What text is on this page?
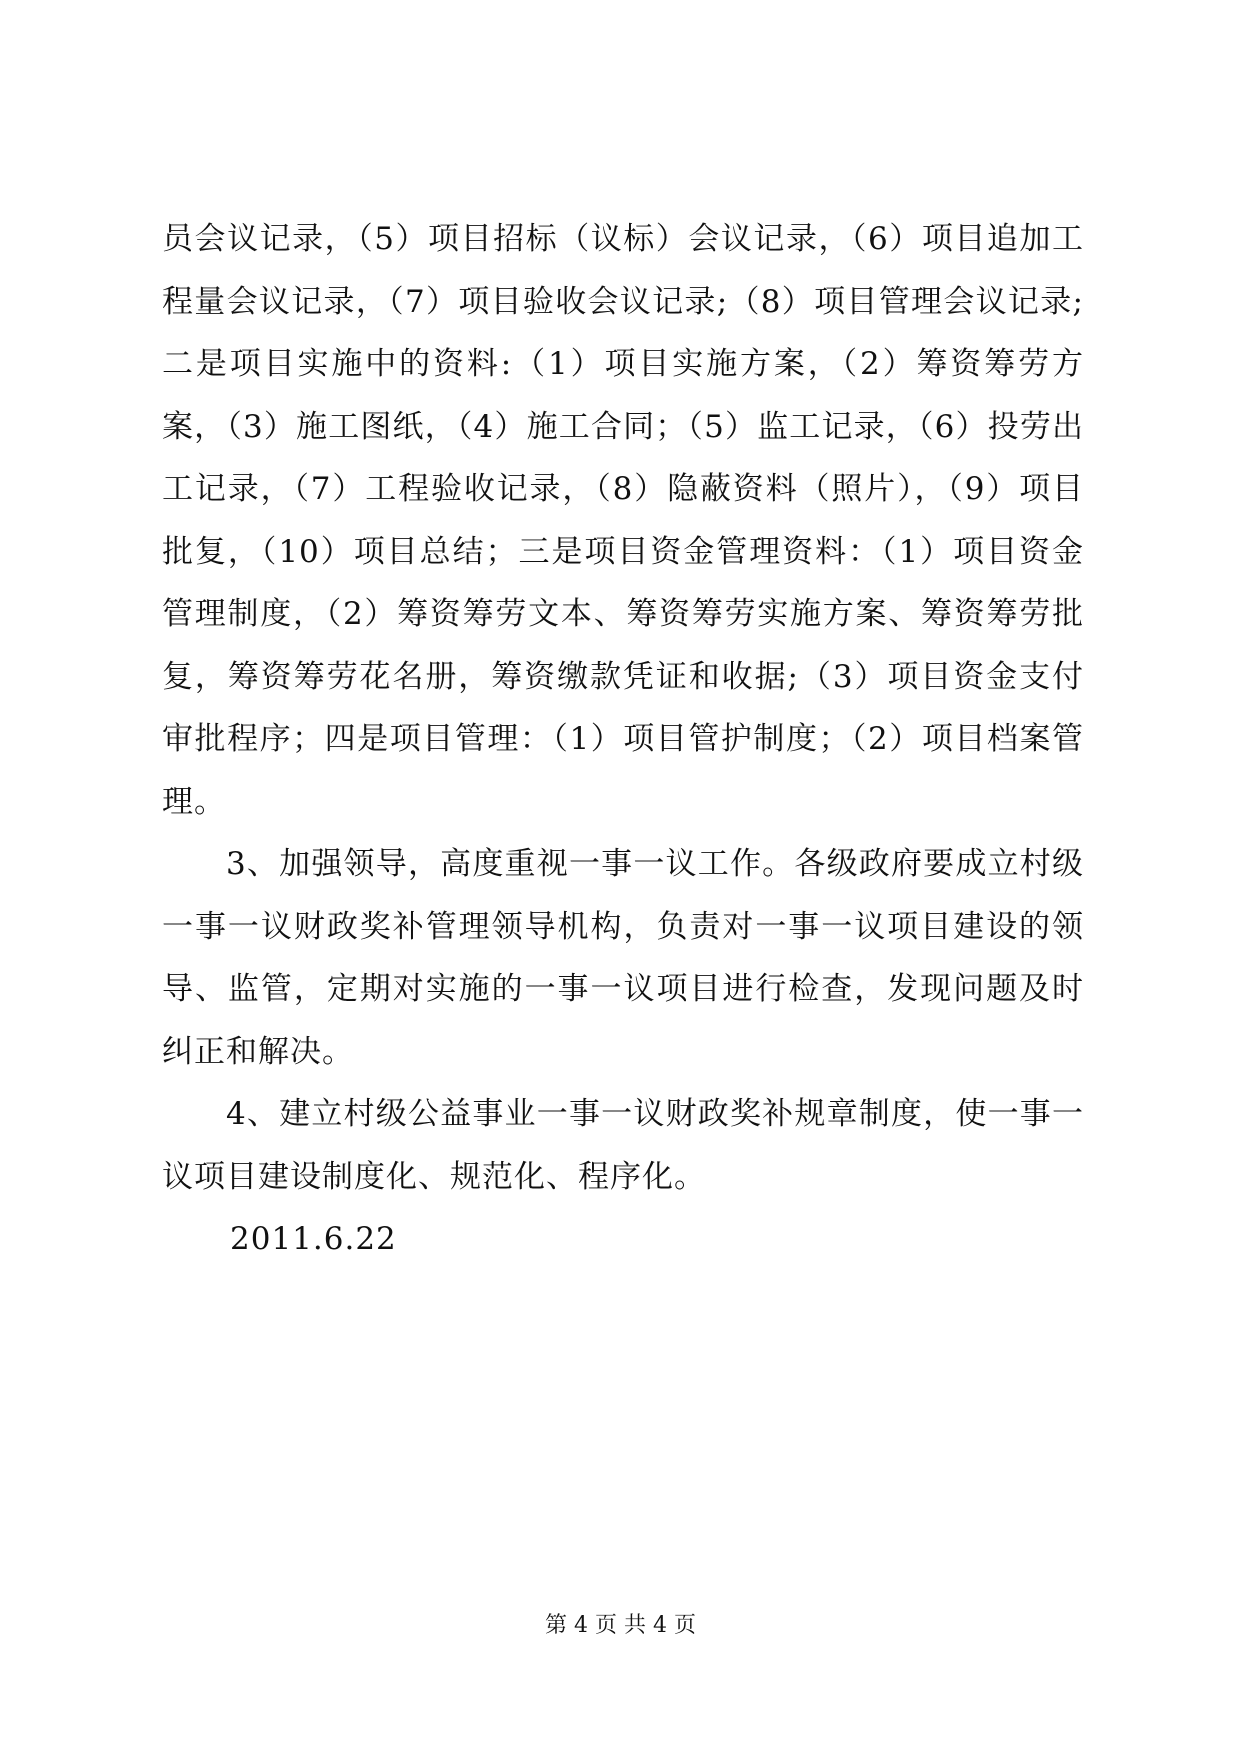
员会议记录，（5）项目招标（议标）会议记录，（6）项目追加工程量会议记录，（7）项目验收会议记录;（8）项目管理会议记录;二是项目实施中的资料:（1）项目实施方案，（2）筹资筹劳方案，（3）施工图纸，（4）施工合同；（5）监工记录，（6）投劳出工记录，（7）工程验收记录，（8）隐蔽资料（照片），（9）项目批复，（10）项目总结；三是项目资金管理资料：（1）项目资金管理制度，（2）筹资筹劳文本、筹资筹劳实施方案、筹资筹劳批复，筹资筹劳花名册，筹资缴款凭证和收据;（3）项目资金支付审批程序；四是项目管理：（1）项目管护制度；（2）项目档案管理。

3、加强领导，高度重视一事一议工作。各级政府要成立村级一事一议财政奖补管理领导机构，负责对一事一议项目建设的领导、监管，定期对实施的一事一议项目进行检查，发现问题及时纠正和解决。

4、建立村级公益事业一事一议财政奖补规章制度，使一事一议项目建设制度化、规范化、程序化。

2011.6.22

第 4 页 共 4 页
